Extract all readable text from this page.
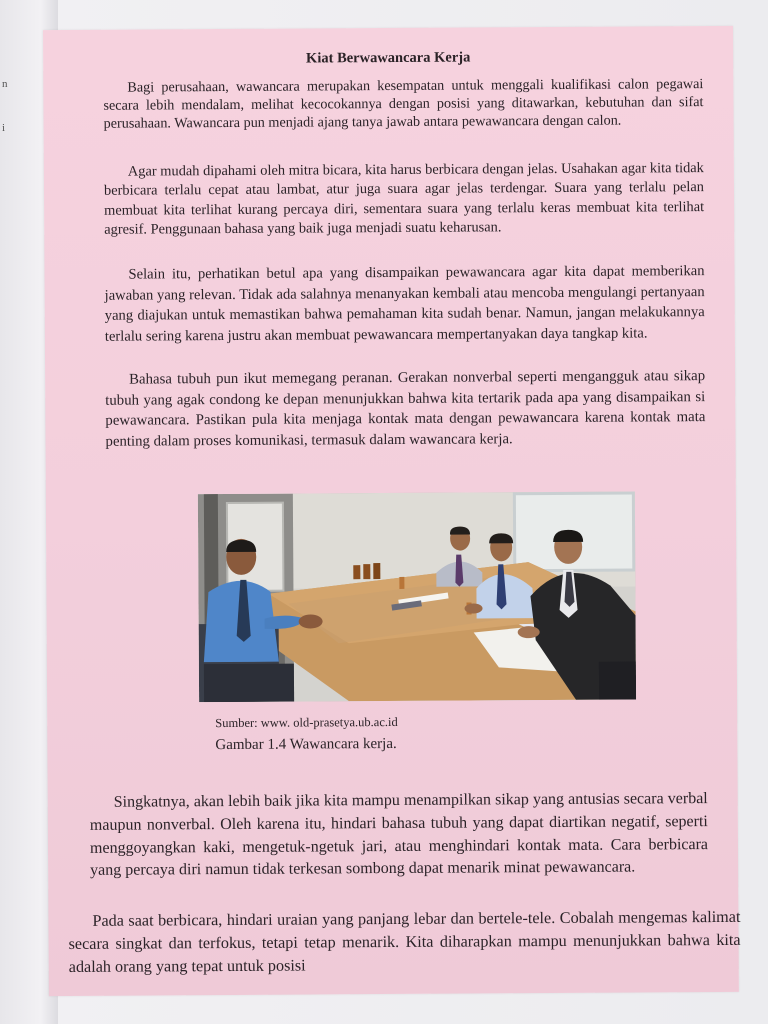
n
i
Kiat Berwawancara Kerja

Bagi perusahaan, wawancara merupakan kesempatan untuk menggali kualifikasi calon pegawai secara lebih mendalam, melihat kecocokannya dengan posisi yang ditawarkan, kebutuhan dan sifat perusahaan. Wawancara pun menjadi ajang tanya jawab antara pewawancara dengan calon.

Agar mudah dipahami oleh mitra bicara, kita harus berbicara dengan jelas. Usahakan agar kita tidak berbicara terlalu cepat atau lambat, atur juga suara agar jelas terdengar. Suara yang terlalu pelan membuat kita terlihat kurang percaya diri, sementara suara yang terlalu keras membuat kita terlihat agresif. Penggunaan bahasa yang baik juga menjadi suatu keharusan.

Selain itu, perhatikan betul apa yang disampaikan pewawancara agar kita dapat memberikan jawaban yang relevan. Tidak ada salahnya menanyakan kembali atau mencoba mengulangi pertanyaan yang diajukan untuk memastikan bahwa pemahaman kita sudah benar. Namun, jangan melakukannya terlalu sering karena justru akan membuat pewawancara mempertanyakan daya tangkap kita.

Bahasa tubuh pun ikut memegang peranan. Gerakan nonverbal seperti mengangguk atau sikap tubuh yang agak condong ke depan menunjukkan bahwa kita tertarik pada apa yang disampaikan si pewawancara. Pastikan pula kita menjaga kontak mata dengan pewawancara karena kontak mata penting dalam proses komunikasi, termasuk dalam wawancara kerja.

Sumber: www. old-prasetya.ub.ac.id
Gambar 1.4 Wawancara kerja.

Singkatnya, akan lebih baik jika kita mampu menampilkan sikap yang antusias secara verbal maupun nonverbal. Oleh karena itu, hindari bahasa tubuh yang dapat diartikan negatif, seperti menggoyangkan kaki, mengetuk-ngetuk jari, atau menghindari kontak mata. Cara berbicara yang percaya diri namun tidak terkesan sombong dapat menarik minat pewawancara.

Pada saat berbicara, hindari uraian yang panjang lebar dan bertele-tele. Cobalah mengemas kalimat secara singkat dan terfokus, tetapi tetap menarik. Kita diharapkan mampu menunjukkan bahwa kita adalah orang yang tepat untuk posisi
